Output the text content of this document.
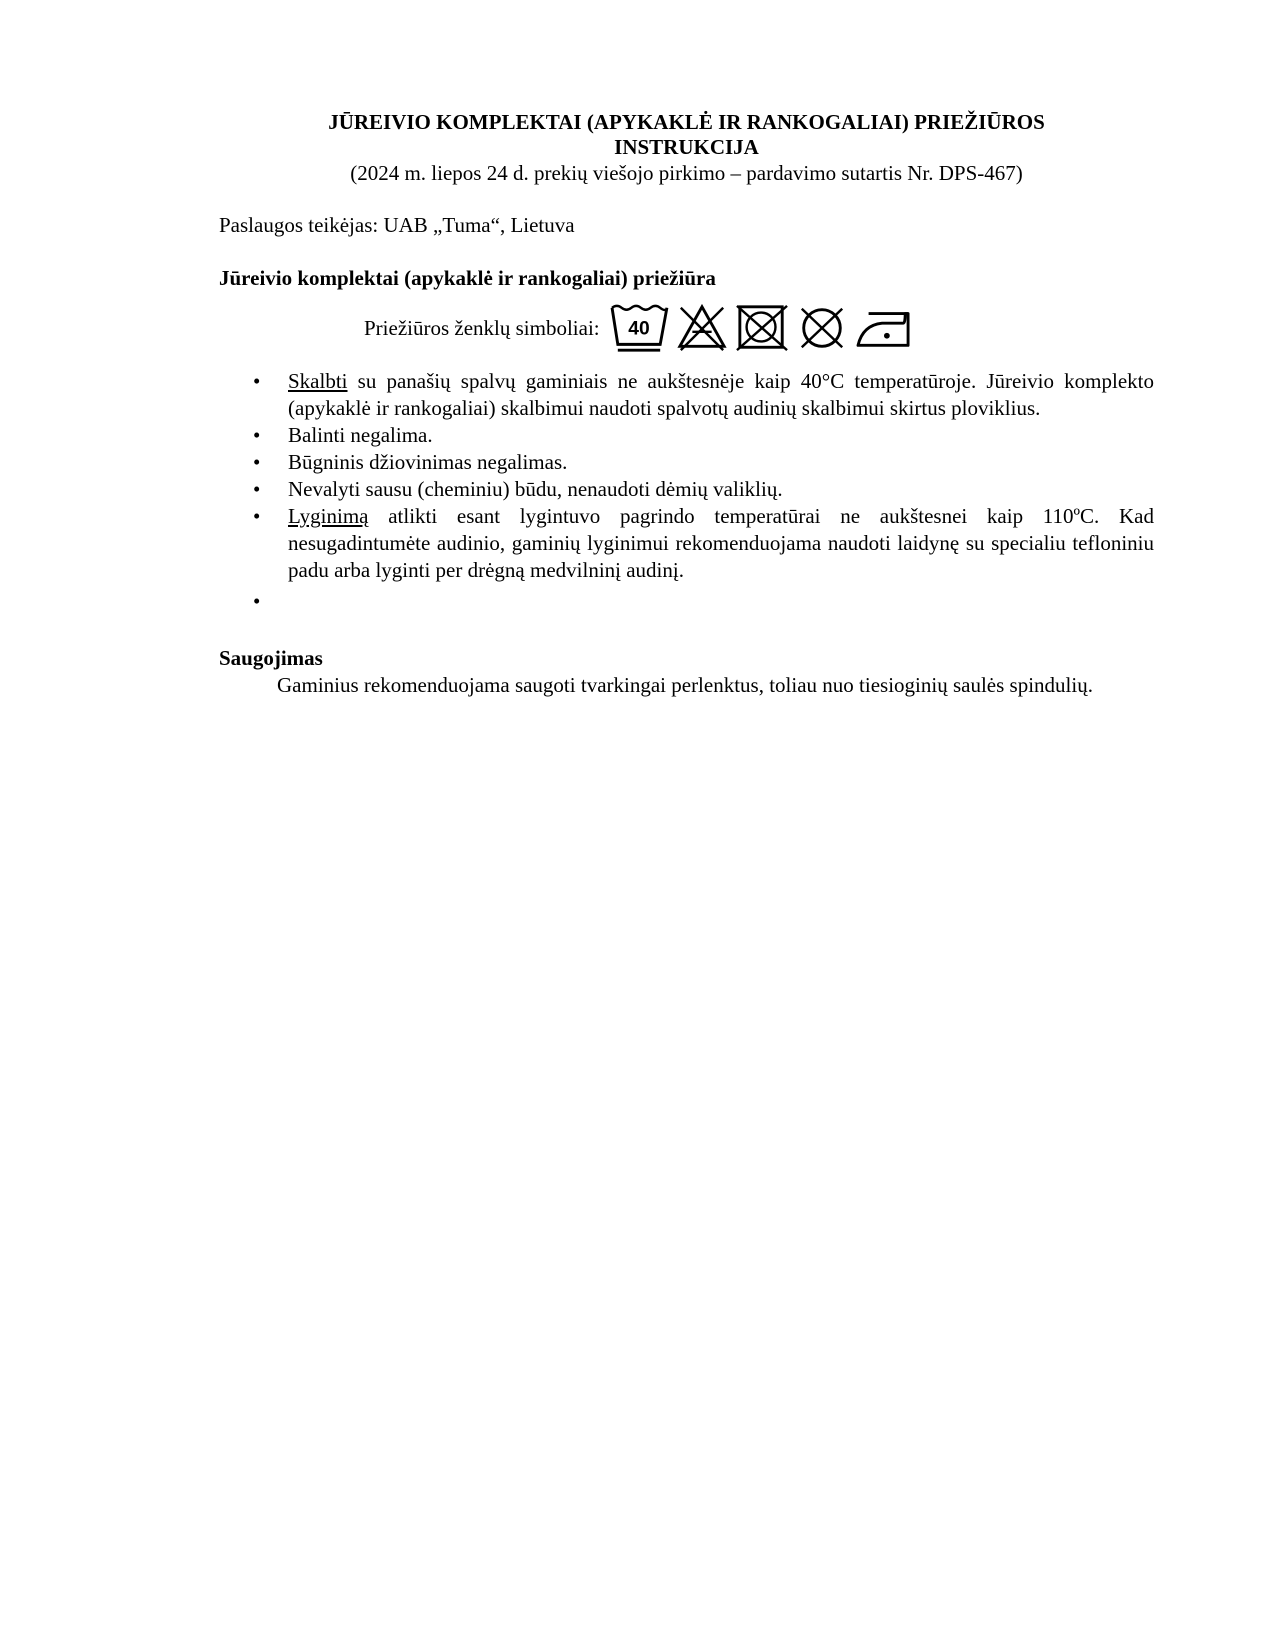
JŪREIVIO KOMPLEKTAI (APYKAKLĖ IR RANKOGALIAI) PRIEŽIŪROS
INSTRUKCIJA
(2024 m. liepos 24 d. prekių viešojo pirkimo – pardavimo sutartis Nr. DPS-467)
Paslaugos teikėjas: UAB „Tuma“, Lietuva
Jūreivio komplektai (apykaklė ir rankogaliai) priežiūra
Priežiūros ženklų simboliai: 40
• Skalbti su panašių spalvų gaminiais ne aukštesnėje kaip 40°C temperatūroje. Jūreivio komplekto (apykaklė ir rankogaliai) skalbimui naudoti spalvotų audinių skalbimui skirtus ploviklius.
• Balinti negalima.
• Būgninis džiovinimas negalimas.
• Nevalyti sausu (cheminiu) būdu, nenaudoti dėmių valiklių.
• Lyginimą atlikti esant lygintuvo pagrindo temperatūrai ne aukštesnei kaip 110ºC. Kad nesugadintumėte audinio, gaminių lyginimui rekomenduojama naudoti laidynę su specialiu tefloniniu padu arba lyginti per drėgną medvilninį audinį.
•
Saugojimas
Gaminius rekomenduojama saugoti tvarkingai perlenktus, toliau nuo tiesioginių saulės spindulių.
